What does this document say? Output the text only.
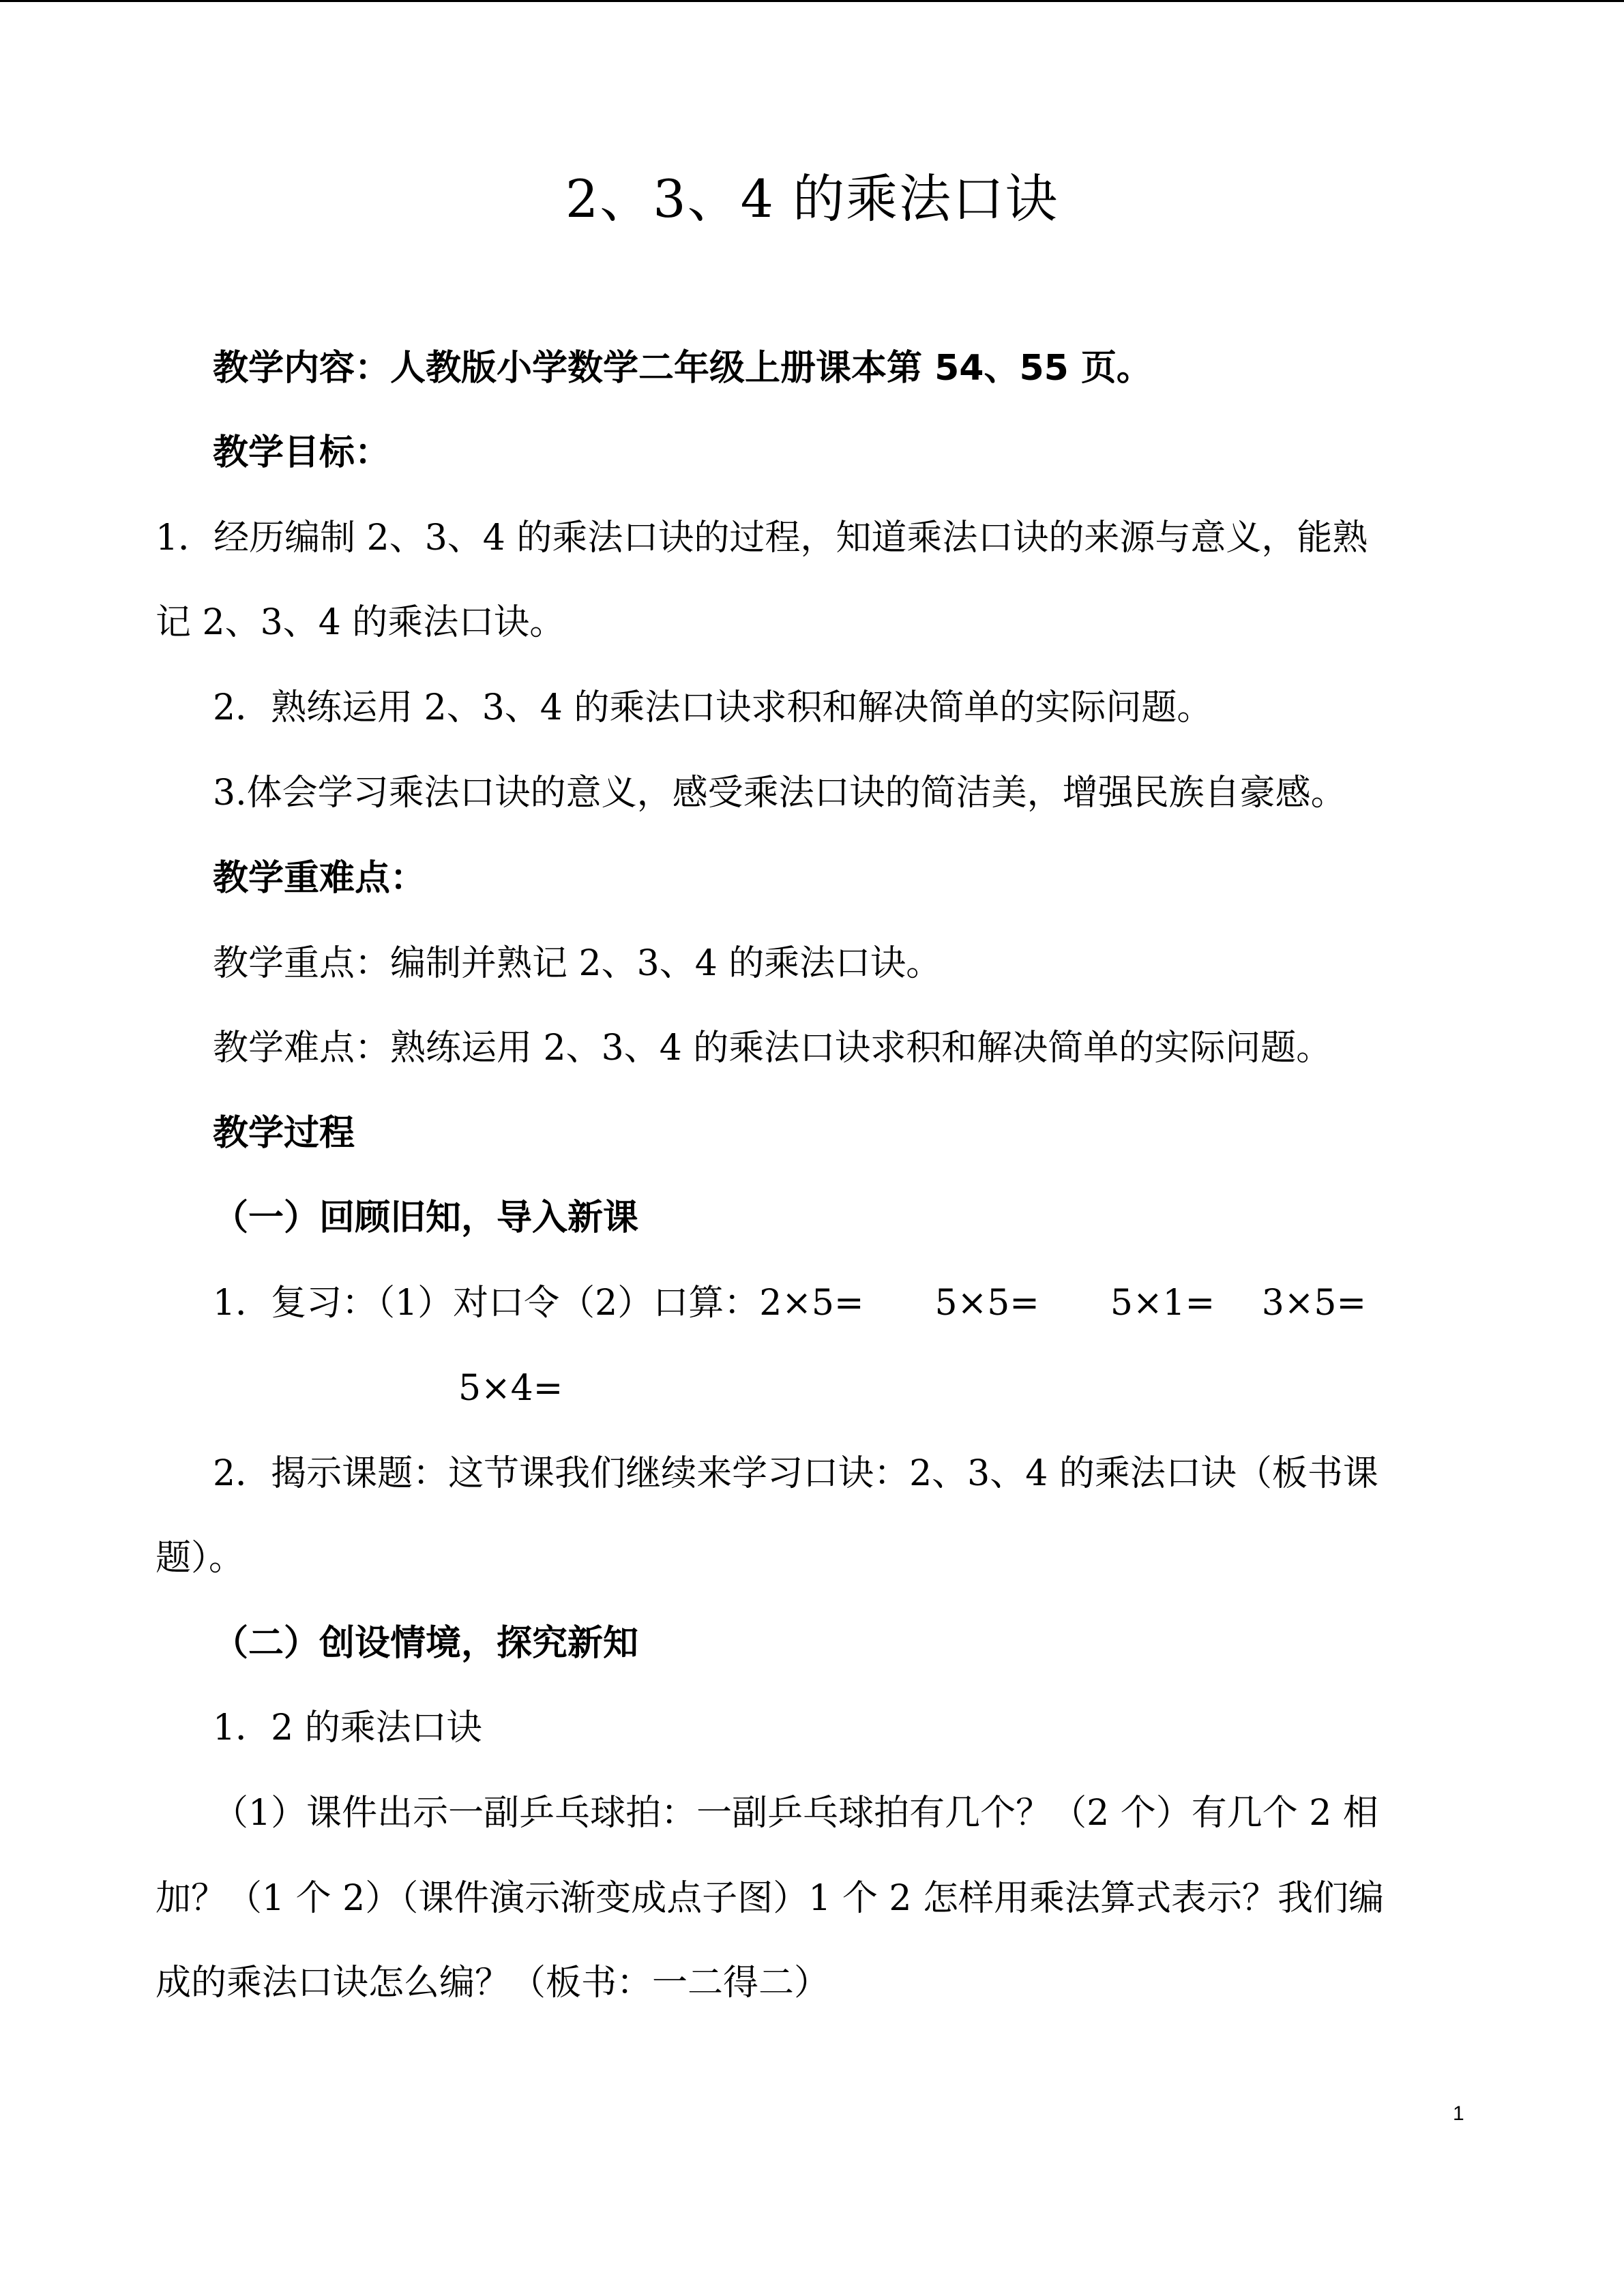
2、3、4 的乘法口诀
教学内容：人教版小学数学二年级上册课本第 54、55 页。
教学目标：
1．经历编制 2、3、4 的乘法口诀的过程，知道乘法口诀的来源与意义，能熟
记 2、3、4 的乘法口诀。
2．熟练运用 2、3、4 的乘法口诀求积和解决简单的实际问题。
3.体会学习乘法口诀的意义，感受乘法口诀的简洁美，增强民族自豪感。
教学重难点：
教学重点：编制并熟记 2、3、4 的乘法口诀。
教学难点：熟练运用 2、3、4 的乘法口诀求积和解决简单的实际问题。
教学过程
（一）回顾旧知，导入新课
1．复习：（1）对口令（2）口算：2×5=　　5×5=　　5×1=　 3×5=
5×4=
2．揭示课题：这节课我们继续来学习口诀：2、3、4 的乘法口诀（板书课
题）。
（二）创设情境，探究新知
1．2 的乘法口诀
（1）课件出示一副乒乓球拍：一副乒乓球拍有几个？（2 个）有几个 2 相
加？（1 个 2）（课件演示渐变成点子图）1 个 2 怎样用乘法算式表示？我们编
成的乘法口诀怎么编？（板书：一二得二）
1
